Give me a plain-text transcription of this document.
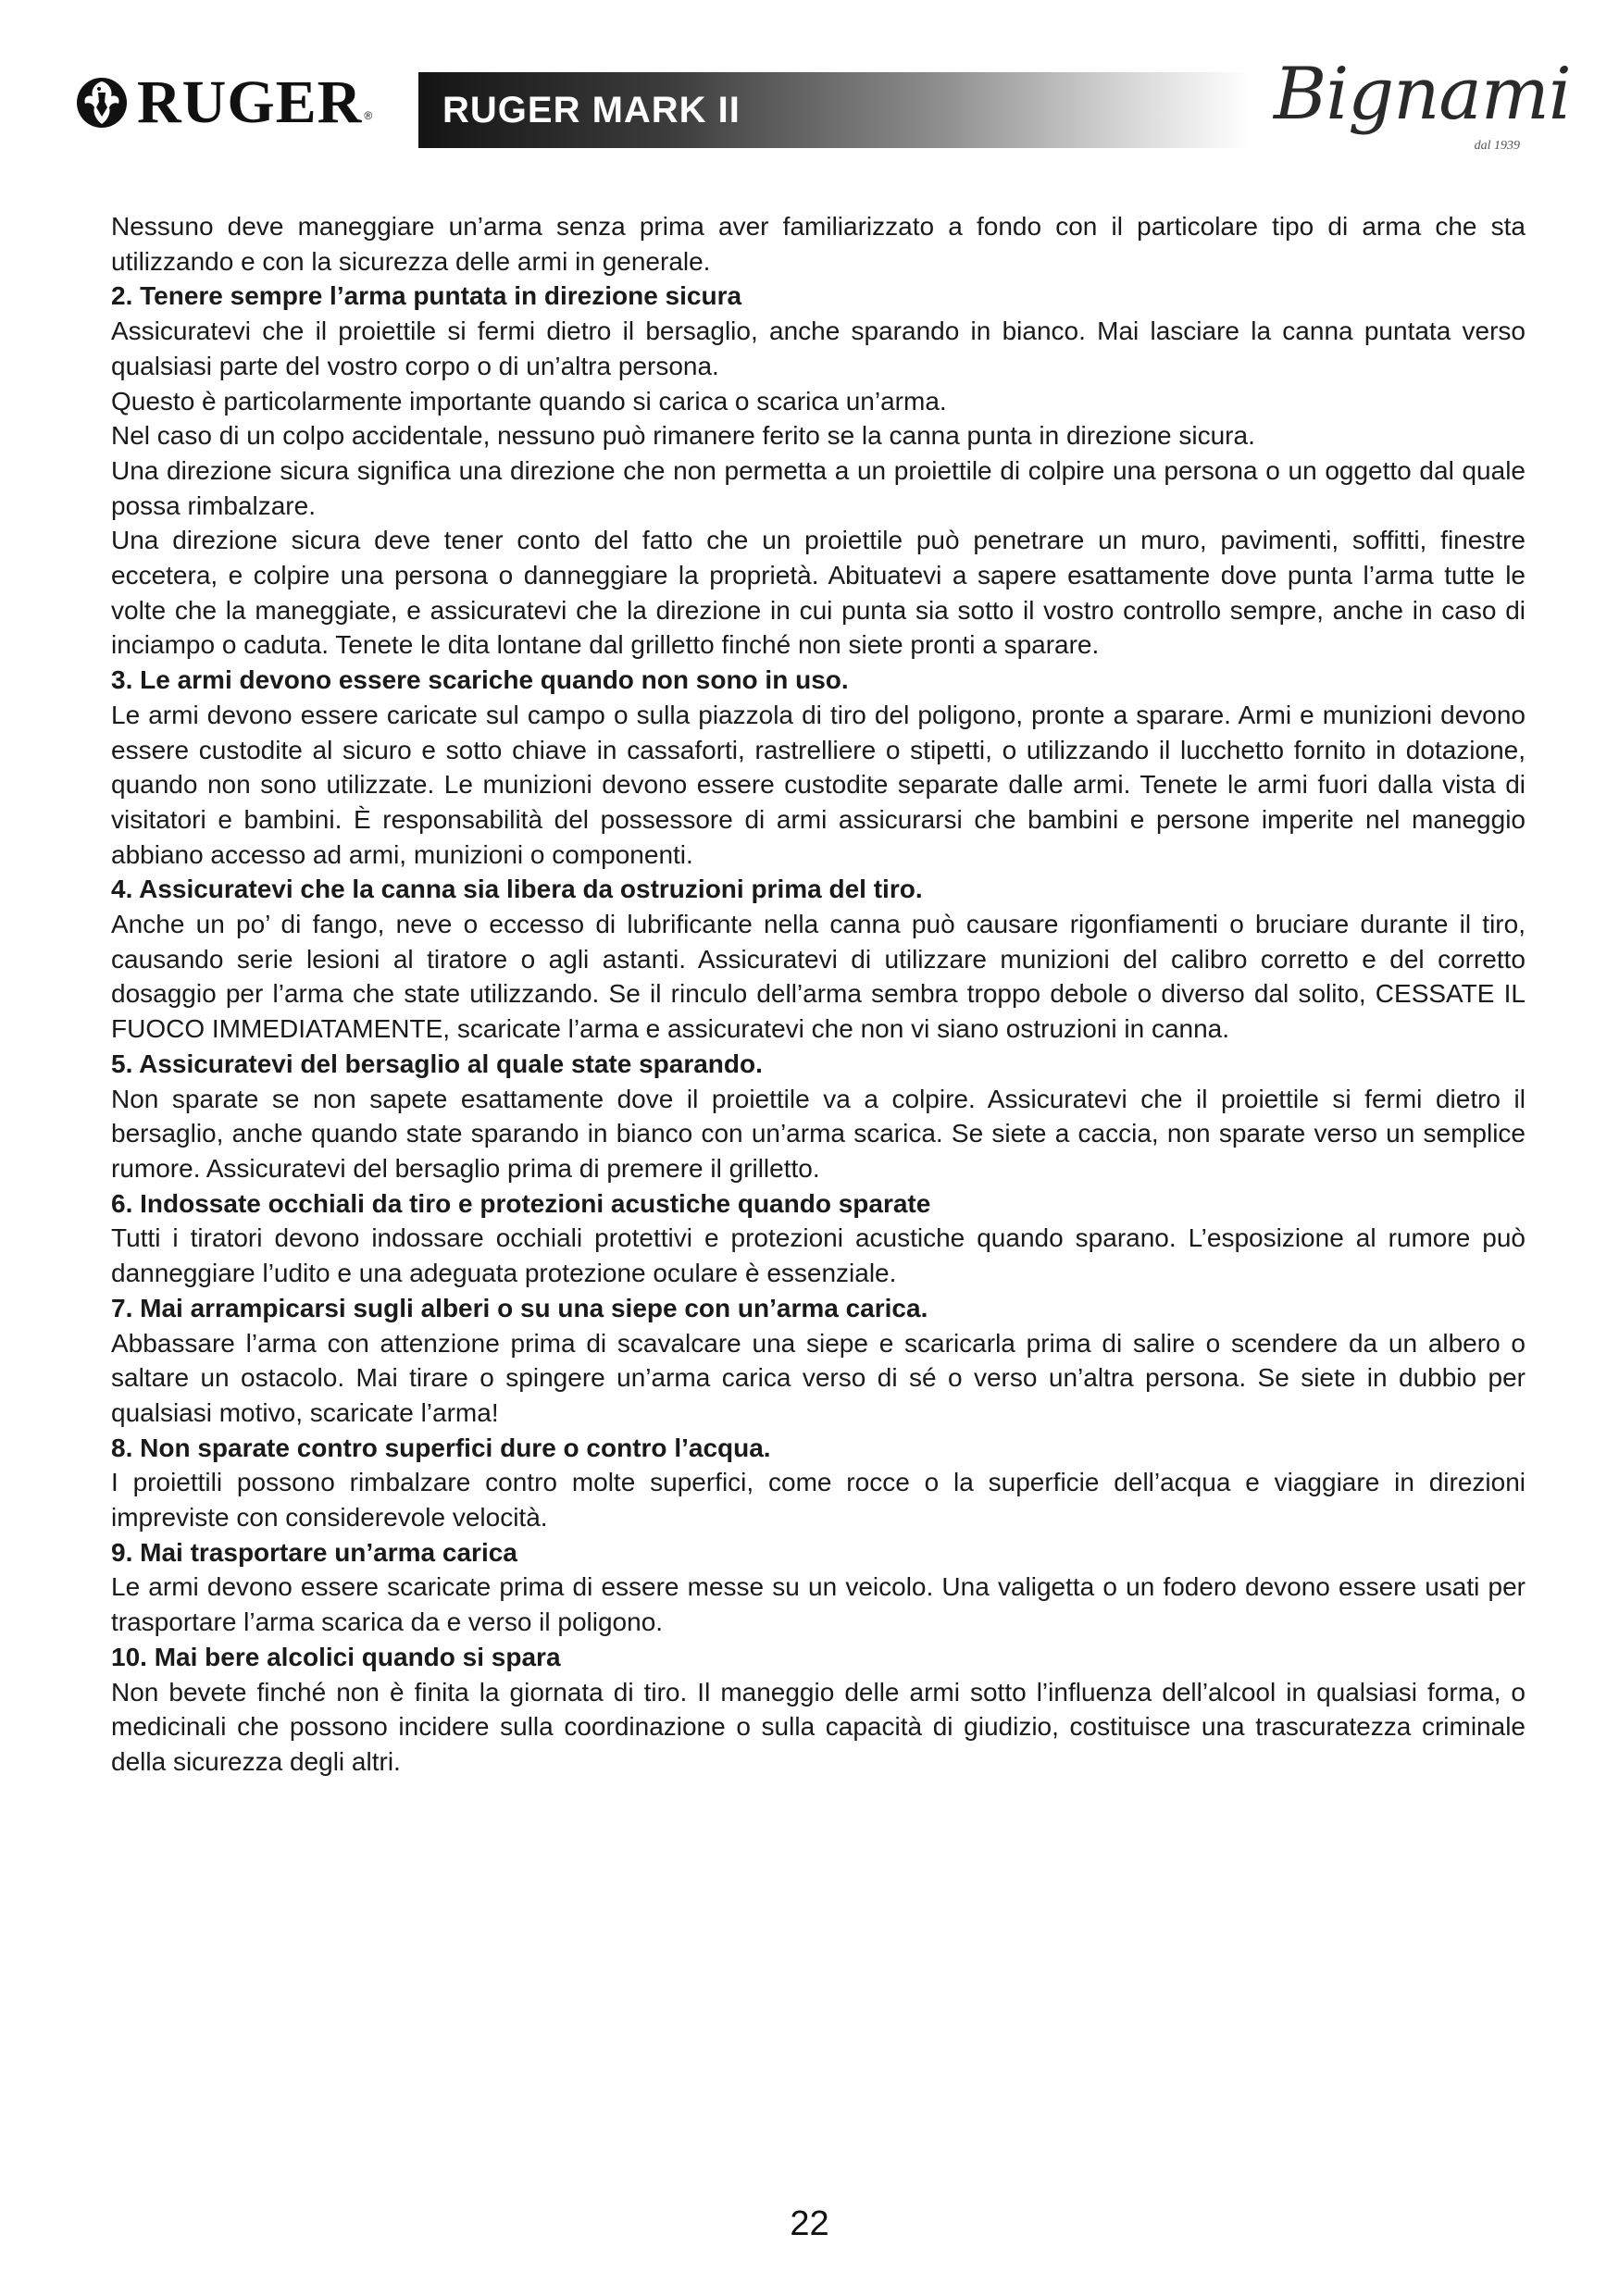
RUGER ® RUGER MARK II	Bignami
dal 1939

Nessuno deve maneggiare un’arma senza prima aver familiarizzato a fondo con il particolare tipo di arma che sta utilizzando e con la sicurezza delle armi in generale.

2. Tenere sempre l’arma puntata in direzione sicura

Assicuratevi che il proiettile si fermi dietro il bersaglio, anche sparando in bianco. Mai lasciare la canna puntata verso qualsiasi parte del vostro corpo o di un’altra persona.

Questo è particolarmente importante quando si carica o scarica un’arma.

Nel caso di un colpo accidentale, nessuno può rimanere ferito se la canna punta in direzione sicura.

Una direzione sicura significa una direzione che non permetta a un proiettile di colpire una persona o un oggetto dal quale possa rimbalzare.

Una direzione sicura deve tener conto del fatto che un proiettile può penetrare un muro, pavimenti, soffitti, finestre eccetera, e colpire una persona o danneggiare la proprietà. Abituatevi a sapere esattamente dove punta l’arma tutte le volte che la maneggiate, e assicuratevi che la direzione in cui punta sia sotto il vostro controllo sempre, anche in caso di inciampo o caduta. Tenete le dita lontane dal grilletto finché non siete pronti a sparare.

3. Le armi devono essere scariche quando non sono in uso.

Le armi devono essere caricate sul campo o sulla piazzola di tiro del poligono, pronte a sparare. Armi e munizioni devono essere custodite al sicuro e sotto chiave in cassaforti, rastrelliere o stipetti, o utilizzando il lucchetto fornito in dotazione, quando non sono utilizzate. Le munizioni devono essere custodite separate dalle armi. Tenete le armi fuori dalla vista di visitatori e bambini. È responsabilità del possessore di armi assicurarsi che bambini e persone imperite nel maneggio abbiano accesso ad armi, munizioni o componenti.

4. Assicuratevi che la canna sia libera da ostruzioni prima del tiro.

Anche un po’ di fango, neve o eccesso di lubrificante nella canna può causare rigonfiamenti o bruciare durante il tiro, causando serie lesioni al tiratore o agli astanti. Assicuratevi di utilizzare munizioni del calibro corretto e del corretto dosaggio per l’arma che state utilizzando. Se il rinculo dell’arma sembra troppo debole o diverso dal solito, CESSATE IL FUOCO IMMEDIATAMENTE, scaricate l’arma e assicuratevi che non vi siano ostruzioni in canna.

5. Assicuratevi del bersaglio al quale state sparando.

Non sparate se non sapete esattamente dove il proiettile va a colpire. Assicuratevi che il proiettile si fermi dietro il bersaglio, anche quando state sparando in bianco con un’arma scarica. Se siete a caccia, non sparate verso un semplice rumore. Assicuratevi del bersaglio prima di premere il grilletto.

6. Indossate occhiali da tiro e protezioni acustiche quando sparate

Tutti i tiratori devono indossare occhiali protettivi e protezioni acustiche quando sparano. L’esposizione al rumore può danneggiare l’udito e una adeguata protezione oculare è essenziale.

7. Mai arrampicarsi sugli alberi o su una siepe con un’arma carica.

Abbassare l’arma con attenzione prima di scavalcare una siepe e scaricarla prima di salire o scendere da un albero o saltare un ostacolo. Mai tirare o spingere un’arma carica verso di sé o verso un’altra persona. Se siete in dubbio per qualsiasi motivo, scaricate l’arma!

8. Non sparate contro superfici dure o contro l’acqua.

I proiettili possono rimbalzare contro molte superfici, come rocce o la superficie dell’acqua e viaggiare in direzioni impreviste con considerevole velocità.

9. Mai trasportare un’arma carica

Le armi devono essere scaricate prima di essere messe su un veicolo. Una valigetta o un fodero devono essere usati per trasportare l’arma scarica da e verso il poligono.

10. Mai bere alcolici quando si spara

Non bevete finché non è finita la giornata di tiro. Il maneggio delle armi sotto l’influenza dell’alcool in qualsiasi forma, o medicinali che possono incidere sulla coordinazione o sulla capacità di giudizio, costituisce una trascuratezza criminale della sicurezza degli altri.

22
